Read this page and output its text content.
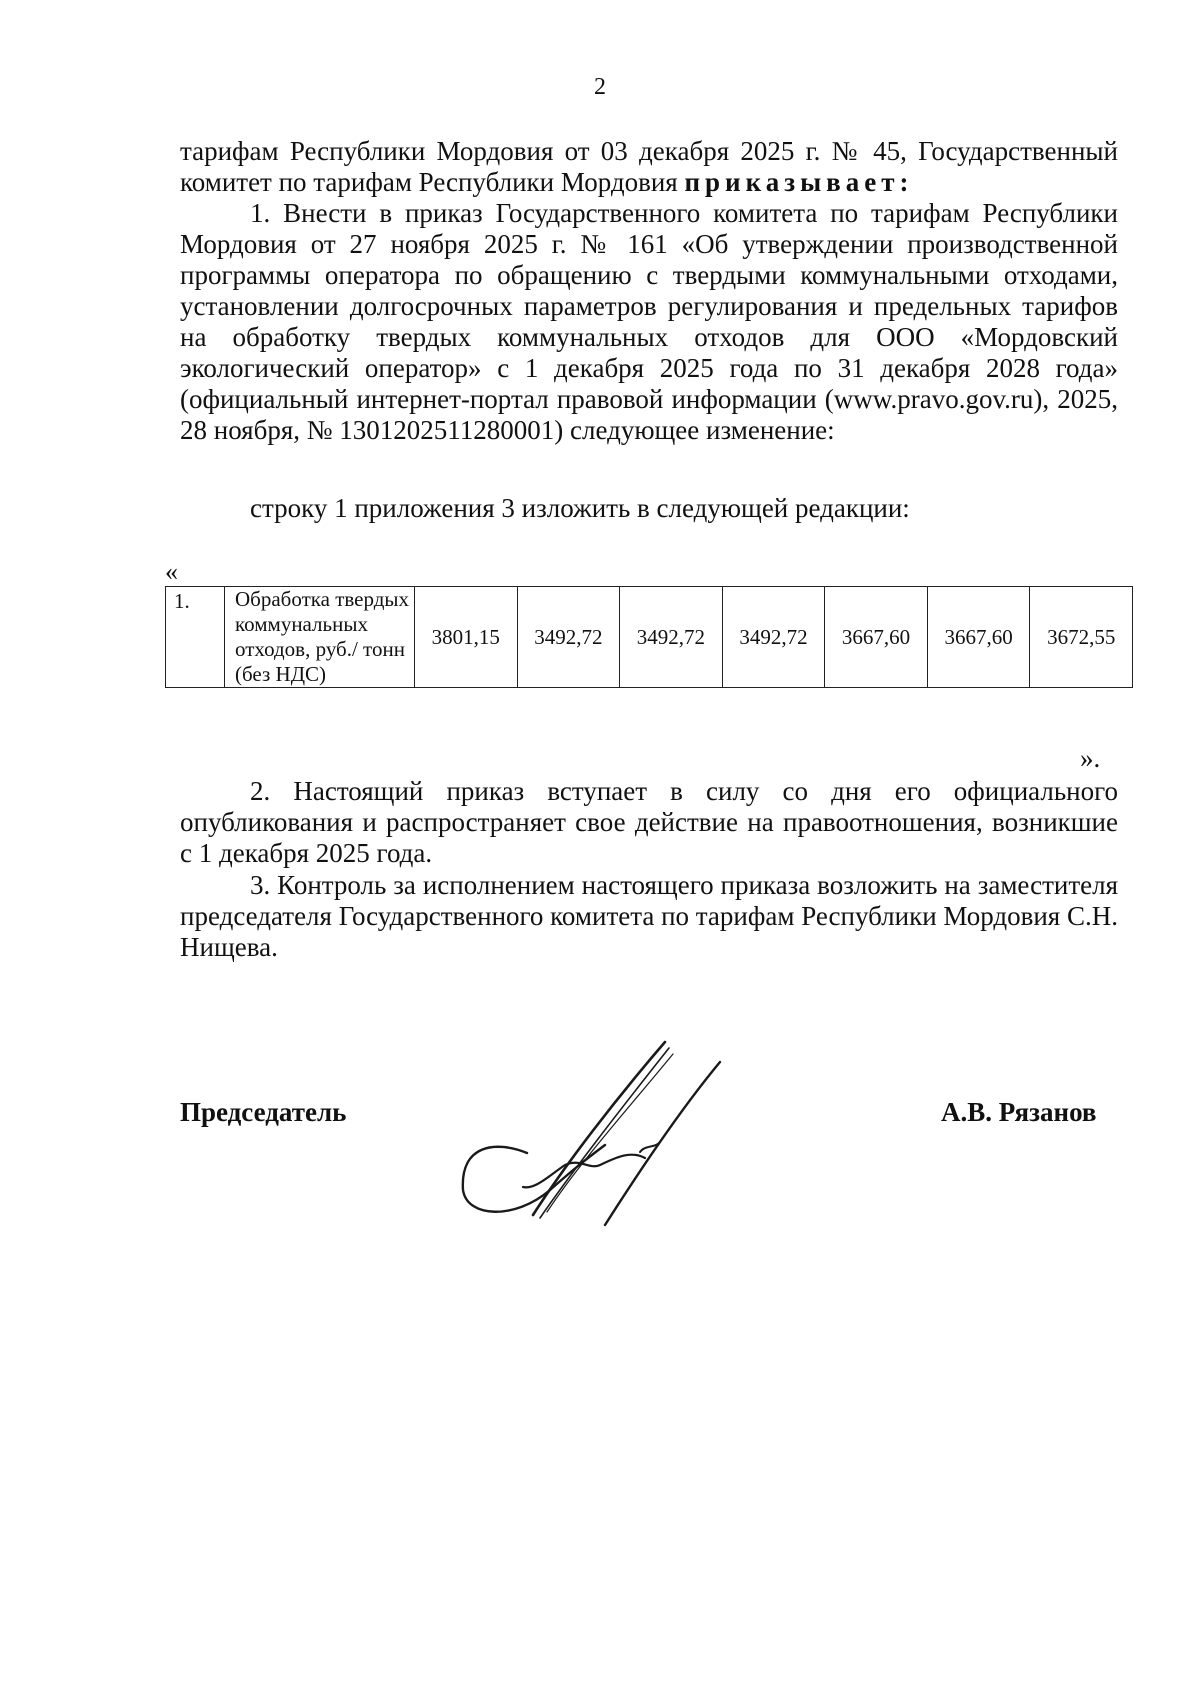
2
тарифам Республики Мордовия от 03 декабря 2025 г. № 45, Государственный комитет по тарифам Республики Мордовия приказывает:
1. Внести в приказ Государственного комитета по тарифам Республики Мордовия от 27 ноября 2025 г. № 161 «Об утверждении производственной программы оператора по обращению с твердыми коммунальными отходами, установлении долгосрочных параметров регулирования и предельных тарифов на обработку твердых коммунальных отходов для ООО «Мордовский экологический оператор» с 1 декабря 2025 года по 31 декабря 2028 года» (официальный интернет-портал правовой информации (www.pravo.gov.ru), 2025, 28 ноября, № 1301202511280001) следующее изменение:
строку 1 приложения 3 изложить в следующей редакции:
«
1.	Обработка твердых коммунальных отходов, руб./ тонн (без НДС)	3801,15	3492,72	3492,72	3492,72	3667,60	3667,60	3672,55
».
2. Настоящий приказ вступает в силу со дня его официального опубликования и распространяет свое действие на правоотношения, возникшие с 1 декабря 2025 года.
3. Контроль за исполнением настоящего приказа возложить на заместителя председателя Государственного комитета по тарифам Республики Мордовия С.Н. Нищева.
Председатель	А.В. Рязанов
